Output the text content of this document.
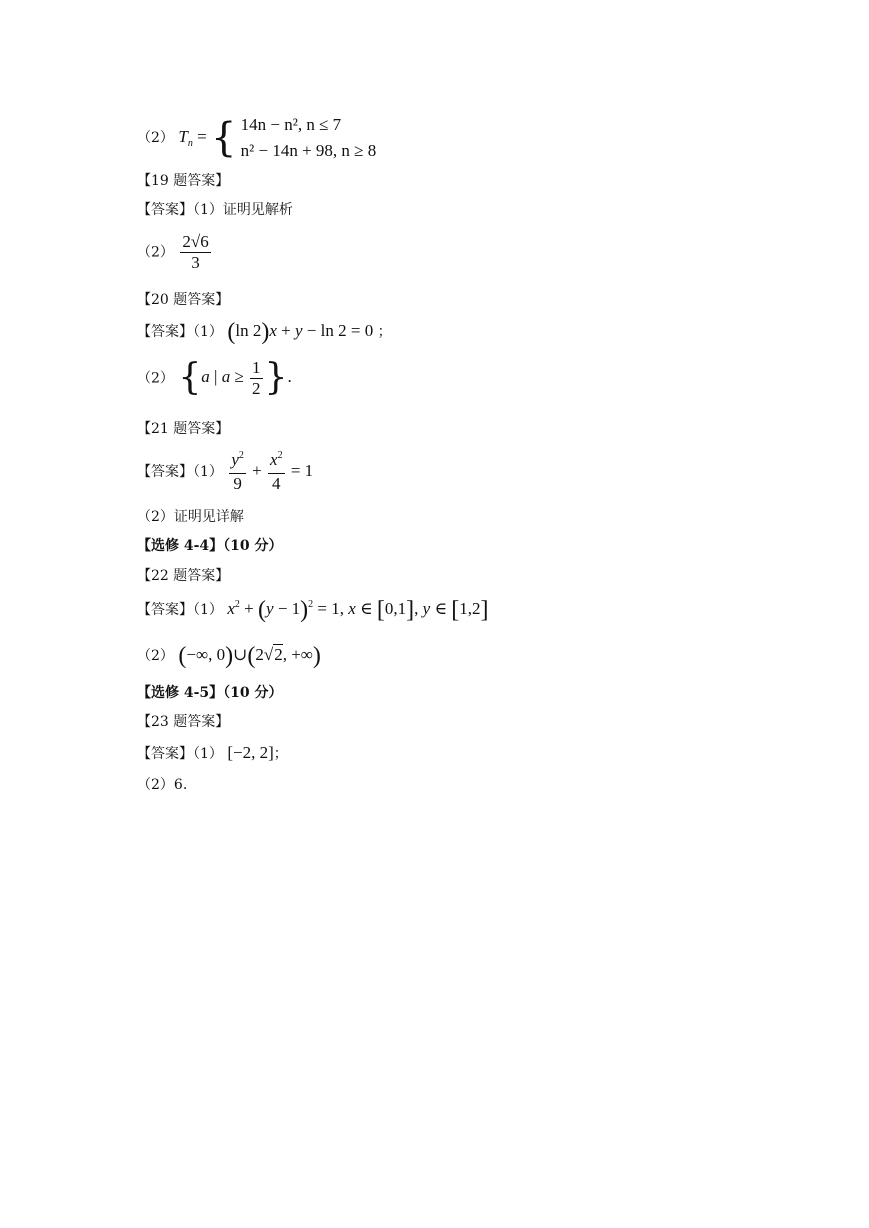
（2） $T_n$ = { 14n − n², n ≤ 7
n² − 14n + 98, n ≥ 8
【19 题答案】
【答案】（1）证明见解析
$(2) \frac{2√6}{3}$
【20 题答案】
【答案】（1） (ln 2)x + y − ln 2 = 0 ；
（2） {a | $a \ge \frac{1}{2}$ }.
【21 题答案】
【答案】$(1) \frac{y^2}{9} + \frac{x^2}{4} = 1$
（2）证明见详解
【选修 4-4】（10 分）
【22 题答案】
【答案】（1） $x^2 + (y - 1)^2 = 1$, x ∈ [0,1], y ∈ [1,2]
（2） (−∞, 0)∪(2√2, +∞)
【选修 4-5】（10 分）
【23 题答案】
【答案】（1） [−2, 2]；
（2）6.
